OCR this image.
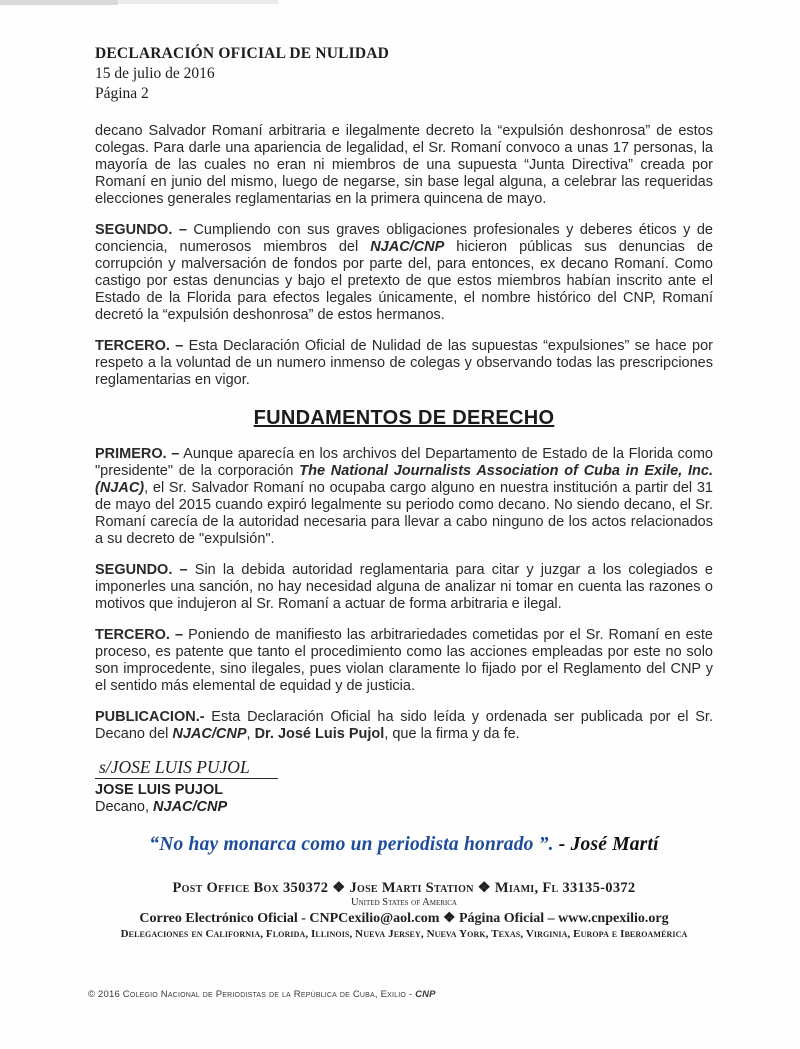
DECLARACIÓN OFICIAL DE NULIDAD
15 de julio de 2016
Página 2

decano Salvador Romaní arbitraria e ilegalmente decreto la “expulsión deshonrosa” de estos colegas. Para darle una apariencia de legalidad, el Sr. Romaní convoco a unas 17 personas, la mayoría de las cuales no eran ni miembros de una supuesta “Junta Directiva” creada por Romaní en junio del mismo, luego de negarse, sin base legal alguna, a celebrar las requeridas elecciones generales reglamentarias en la primera quincena de mayo.

SEGUNDO. – Cumpliendo con sus graves obligaciones profesionales y deberes éticos y de conciencia, numerosos miembros del NJAC/CNP hicieron públicas sus denuncias de corrupción y malversación de fondos por parte del, para entonces, ex decano Romaní. Como castigo por estas denuncias y bajo el pretexto de que estos miembros habían inscrito ante el Estado de la Florida para efectos legales únicamente, el nombre histórico del CNP, Romaní decretó la “expulsión deshonrosa” de estos hermanos.

TERCERO. – Esta Declaración Oficial de Nulidad de las supuestas “expulsiones” se hace por respeto a la voluntad de un numero inmenso de colegas y observando todas las prescripciones reglamentarias en vigor.

FUNDAMENTOS DE DERECHO

PRIMERO. – Aunque aparecía en los archivos del Departamento de Estado de la Florida como "presidente" de la corporación The National Journalists Association of Cuba in Exile, Inc. (NJAC), el Sr. Salvador Romaní no ocupaba cargo alguno en nuestra institución a partir del 31 de mayo del 2015 cuando expiró legalmente su periodo como decano. No siendo decano, el Sr. Romaní carecía de la autoridad necesaria para llevar a cabo ninguno de los actos relacionados a su decreto de "expulsión".

SEGUNDO. – Sin la debida autoridad reglamentaria para citar y juzgar a los colegiados e imponerles una sanción, no hay necesidad alguna de analizar ni tomar en cuenta las razones o motivos que indujeron al Sr. Romaní a actuar de forma arbitraria e ilegal.

TERCERO. – Poniendo de manifiesto las arbitrariedades cometidas por el Sr. Romaní en este proceso, es patente que tanto el procedimiento como las acciones empleadas por este no solo son improcedente, sino ilegales, pues violan claramente lo fijado por el Reglamento del CNP y el sentido más elemental de equidad y de justicia.

PUBLICACION.- Esta Declaración Oficial ha sido leída y ordenada ser publicada por el Sr. Decano del NJAC/CNP, Dr. José Luis Pujol, que la firma y da fe.

s/JOSE LUIS PUJOL
JOSE LUIS PUJOL
Decano, NJAC/CNP
“No hay monarca como un periodista honrado ”. - José Martí
Post Office Box 350372 ❖ Jose Marti Station ❖ Miami, Fl 33135-0372
United States of America
Correo Electrónico Oficial - CNPCexilio@aol.com ❖ Página Oficial – www.cnpexilio.org
Delegaciones en California, Florida, Illinois, Nueva Jersey, Nueva York, Texas, Virginia, Europa e Iberoamérica
© 2016 Colegio Nacional de Periodistas de la República de Cuba, Exilio - CNP
